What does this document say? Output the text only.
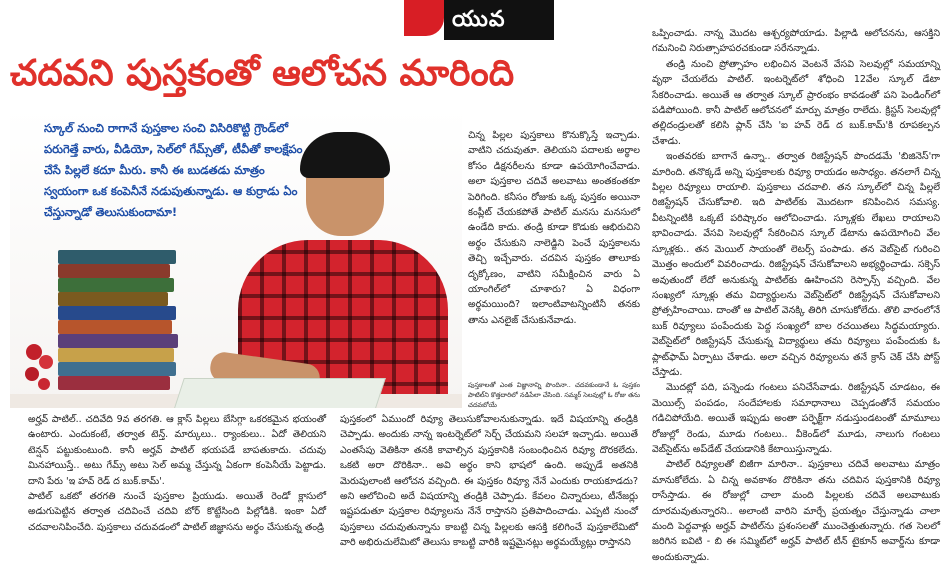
యువ
చదవని పుస్తకంతో ఆలోచన మారింది
స్కూల్ నుంచి రాగానే పుస్తకాల సంచి విసిరికొట్టి గ్రౌండ్‌లో పరుగెత్తే వారు, వీడియో, సెల్‌లో గేమ్స్‌తో, టీవీతో కాలక్షేపం చేసే పిల్లలే కదూ మీరు. కానీ ఈ బుడతడు మాత్రం స్వయంగా ఒక కంపెనీనే నడుపుతున్నాడు. ఆ కుర్రాడు ఏం చేస్తున్నాడో తెలుసుకుందామా!

చిన్న పిల్లల పుస్తకాలు కొనుక్కొస్తే ఇచ్చాడు. వాటిని చదువుతూ. తెలియని పదాలకు అర్థాల కోసం డిక్షనరీలను కూడా ఉపయోగించేవాడు. అలా పుస్తకాల చదివే అలవాటు అంతకంతకూ పెరిగింది. కనీసం రోజుకు ఒక్క పుస్తకం అయినా కంప్లీట్ చేయకపోతే పాటిల్ మనసు మనసులో ఉండేది కాదు. తండ్రి కూడా కొడుకు ఆభిరుచిని అర్థం చేసుకుని నాలెడ్జిని పెంచే పుస్తకాలను తెచ్చి ఇచ్చేవారు. చదవిన పుస్తకం తాలూకు దృక్కోణం, వాటిని సమీక్షించిన వారు ఏ యాంగిల్‌లో చూశారు? ఏ విధంగా అర్థమయింది? ఇలాంటివాటన్నింటినీ తనకు తాను ఎనలైజ్ చేసుకునేవాడు.

పుస్తకాలతో ఎంత విజ్ఞానాన్ని పొందినా.. చదవకుండానే ఓ పుస్తకం పాటిల్‌ని కొత్తదారిలో నడిపేలా చేసింది. సమ్మర్ సెలవుల్లో ఓ రోజు తను చదవబోయే

అర్హవ్ పాటిల్.. చదివేది 9వ తరగతి. ఆ క్లాస్ పిల్లలు బేసిగ్గా ఒకరకమైన భయంతో ఉంటారు. ఎందుకంటే, తర్వాత టెన్త్. మార్కులు.. ర్యాంకులు.. ఏదో తెలియని టెన్షన్ పట్టుకుంటుంది. కానీ అర్హవ్ పాటిల్ భయపడే బాపతుకాదు. చదువు మినహాయిస్తే.. అటు గేమ్స్ అటు సెల్ అమ్మ చేస్తున్న ఏకంగా కంపెనీయే పెట్టాడు. దాని పేరు 'ఇ హవ్ రెడ్ ద బుక్.కామ్'.

పాటిల్ ఒకటో తరగతి నుంచే పుస్తకాల ప్రియుడు. అయితే రెండో క్లాసులో అడుగుపెట్టిన తర్వాత చదివించే చదివి బోర్ కొట్టేసింది పిల్లోడికి. ఇంకా ఏదో చదవాలనిపించేది. పుస్తకాలు చదువడంలో పాటిల్ జిజ్ఞాసను అర్థం చేసుకున్న తండ్రి

పుస్తకంలో ఏముందో రివ్యూ తెలుసుకోవాలనుకున్నాడు. ఇదే విషయాన్ని తండ్రికి చెప్పాడు. అందుకు నాన్న ఇంటర్నెట్‌లో సెర్చ్ చేయమని సలహా ఇచ్చాడు. అయితే ఎంతసేపు వెతికినా తనకి కావాల్సిన పుస్తకానికి సంబంధించిన రివ్యూ దొరకలేదు. ఒకటి అరా దొరికినా.. అవి అర్థం కాని భాషలో ఉంది. అప్పుడే అతనికి మెరుపులాంటి ఆలోచన వచ్చింది. ఈ పుస్తకం రివ్యూ నేనే ఎందుకు రాయకూడదు? అని ఆలోచించి అదే విషయాన్ని తండ్రికి చెప్పాడు. కేవలం చిన్నారులు, టీనేజర్లు ఇష్టపడుతూ పుస్తకాల రివ్యూలను నేనే రాస్తానని ప్రతిపాదించాడు. ఎప్పటి నుంచో పుస్తకాలు చదువుతున్నాను కాబట్టి చిన్న పిల్లలకు ఆసక్తి కలిగించే పుస్తకాలేమిటో వారి అభిరుచులేమిటో తెలుసు కాబట్టి వారికి ఇష్టమైనట్లు అర్థమయ్యేట్లు రాస్తానని

ఒప్పించాడు. నాన్న మొదట ఆశ్చర్యపోయాడు. పిల్లాడి ఆలోచనను, ఆసక్తిని గమనించి నిరుత్సాహపరచకుండా సరేనన్నాడు.

తండ్రి నుంచి ప్రోత్సాహం లభించిన వెంటనే వేసవి సెలవుల్లో సమయాన్ని వృథా చేయలేదు పాటిల్. ఇంటర్నెట్‌లో శోధించి 12వేల స్కూల్ డేటా సేకరించాడు. అయితే ఆ తర్వాత స్కూల్ ప్రారంభం కావడంతో పని పెండింగ్‌లో పడిపోయింది. కానీ పాటిల్ ఆలోచనలో మార్పు మాత్రం రాలేదు. క్రిస్టస్ సెలవుల్లో తల్లిదండ్రులతో కలిసి ప్లాన్ చేసి 'ఐ హవ్ రెడ్ ద బుక్.కామ్'కి రూపకల్పన చేశాడు.

ఇంతవరకు బాగానే ఉన్నా.. తర్వాత రిజిస్ట్రేషన్ పొందడమే 'బిజినెస్'గా మారింది. తనొక్కడే అన్ని పుస్తకాలకు రివ్యూ రాయడం అసాధ్యం. తనలాగే చిన్న పిల్లల రివ్యూలు రాయాలి. పుస్తకాలు చదవాలి. తన స్కూల్‌లో చిన్న పిల్లలే రిజిస్ట్రేషన్ చేసుకోవాలి. ఇది పాటిల్‌కు మొదటగా కనిపించిన సమస్య. వీటన్నింటికి ఒక్కటే పరిష్కారం ఆలోచించాడు. స్కూళ్లకు లేఖలు రాయాలని భావించాడు. వేసవి సెలవుల్లో సేకరించిన స్కూల్ డేటాను ఉపయోగించి వేల స్కూళ్లకు.. తన మెయిల్ సాయంతో లెటర్స్ పంపాడు. తన వెబ్‌సైట్ గురించి మొత్తం అందులో వివరించాడు. రిజిస్ట్రేషన్ చేసుకోవాలని అభ్యర్థించాడు. సక్సెస్ అవుతుందో లేదో అనుకున్న పాటిల్‌కు ఊహించని రెస్పాన్స్ వచ్చింది. వేల సంఖ్యలో స్కూళ్లు తమ విద్యార్థులను వెబ్‌సైట్‌లో రిజిస్ట్రేషన్ చేసుకోవాలని ప్రోత్సహించాయి. దాంతో ఆ పాటిల్ వెనక్కి తిరిగి చూసుకోలేదు. తొలి వారంలోనే బుక్ రివ్యూలు పంపేందుకు పెద్ద సంఖ్యలో బాల రచయితలు సిద్ధమయ్యారు. వెబ్‌సైట్‌లో రిజిస్ట్రేషన్ చేసుకున్న విద్యార్థులు తమ రివ్యూలు పంపేందుకు ఓ ప్లాట్‌ఫామ్ ఏర్పాటు చేశాడు. అలా వచ్చిన రివ్యూలను తనే క్రాస్ చెక్ చేసి పోస్ట్ చేస్తాడు.

మొదట్లో పది, పన్నెండు గంటలు పనిచేసేవాడు. రిజిస్ట్రేషన్ చూడటం, ఈ మెయిల్స్ పంపడం, సందేహాలకు సమాధానాలు చెప్పడంతోనే సమయం గడిచిపోయేది. అయితే ఇప్పుడు అంతా పర్ఫెక్ట్‌గా నడుస్తుండటంతో మామూలు రోజుల్లో రెండు, మూడు గంటలు.. వీకెండ్‌లో మూడు, నాలుగు గంటలు వెబ్‌సైట్‌ను అప్‌డేట్ చేయడానికి కేటాయిస్తున్నాడు.

పాటిల్ రివ్యూలతో బిజీగా మారినా.. పుస్తకాలు చదివే అలవాటు మాత్రం మానుకోలేదు. ఏ చిన్న అవకాశం దొరికినా తను చదివిన పుస్తకానికి రివ్యూ రాసేస్తాడు. ఈ రోజుల్లో చాలా మంది పిల్లలకు చదివే అలవాటుకు దూరమవుతున్నారని.. అలాంటి వారిని మార్చే ప్రయత్నం చేస్తున్నాడు చాలా మంది పెద్దవాళ్లు అర్హవ్ పాటిల్‌ను ప్రశంసలతో ముంచెత్తుతున్నారు. గత సెలలో జరిగిన ఐవిటి - బి ఈ సమ్మిట్‌లో అర్హవ్ పాటిల్ టీన్ టైకూన్ అవార్డ్‌ను కూడా అందుకున్నాడు.
